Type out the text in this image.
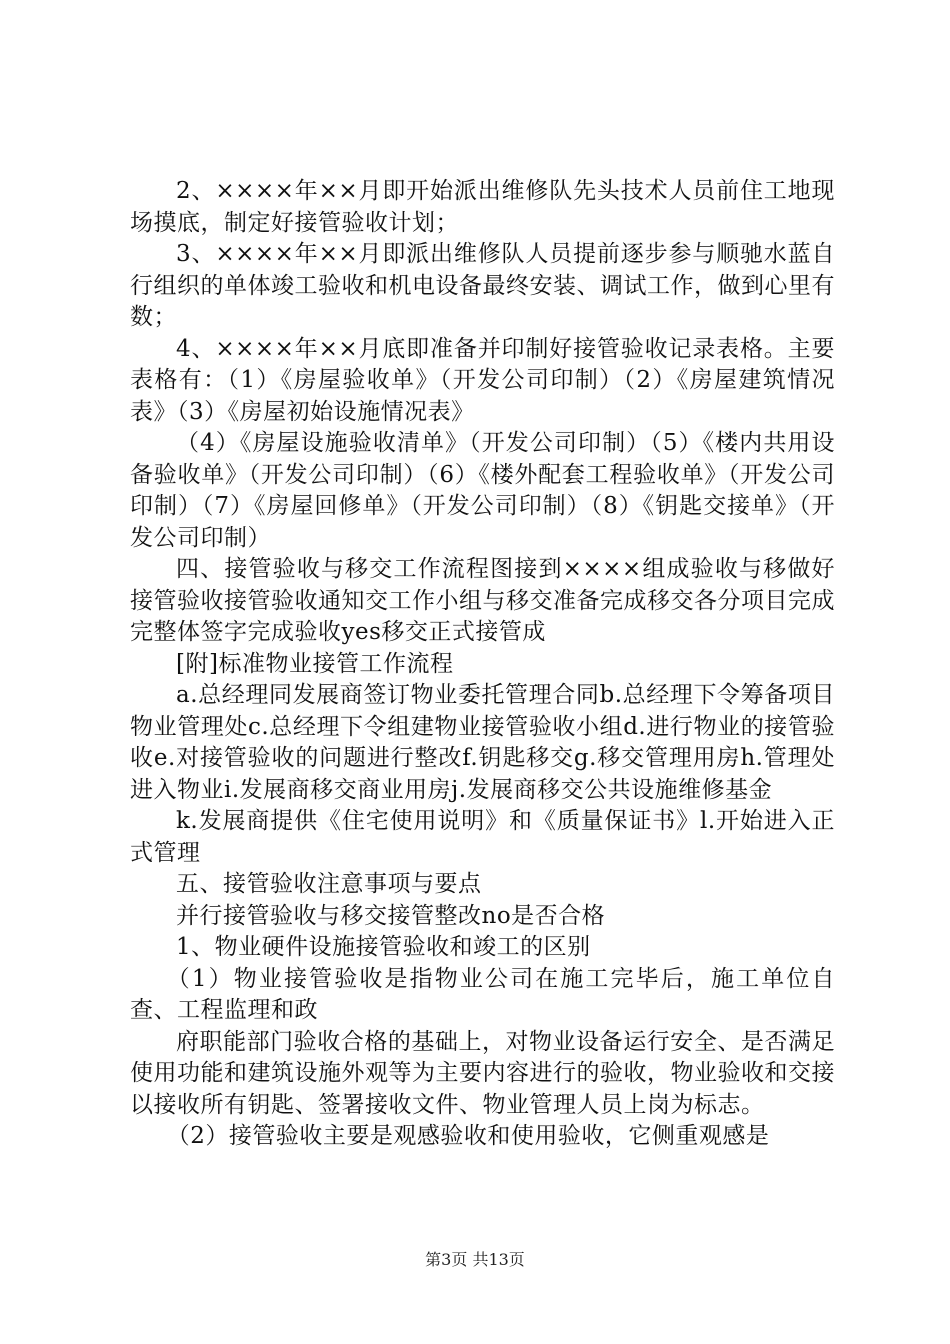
2、××××年××月即开始派出维修队先头技术人员前住工地现场摸底，制定好接管验收计划；

3、××××年××月即派出维修队人员提前逐步参与顺驰水蓝自行组织的单体竣工验收和机电设备最终安装、调试工作，做到心里有数；

4、××××年××月底即准备并印制好接管验收记录表格。主要表格有：（1）《房屋验收单》（开发公司印制）（2）《房屋建筑情况表》（3）《房屋初始设施情况表》

（4）《房屋设施验收清单》（开发公司印制）（5）《楼内共用设备验收单》（开发公司印制）（6）《楼外配套工程验收单》（开发公司印制）（7）《房屋回修单》（开发公司印制）（8）《钥匙交接单》（开发公司印制）

四、接管验收与移交工作流程图接到××××组成验收与移做好接管验收接管验收通知交工作小组与移交准备完成移交各分项目完成完整体签字完成验收yes移交正式接管成

[附]标准物业接管工作流程

a.总经理同发展商签订物业委托管理合同b.总经理下令筹备项目物业管理处c.总经理下令组建物业接管验收小组d.进行物业的接管验收e.对接管验收的问题进行整改f.钥匙移交g.移交管理用房h.管理处进入物业i.发展商移交商业用房j.发展商移交公共设施维修基金

k.发展商提供《住宅使用说明》和《质量保证书》l.开始进入正式管理

五、接管验收注意事项与要点

并行接管验收与移交接管整改no是否合格

1、物业硬件设施接管验收和竣工的区别

（1）物业接管验收是指物业公司在施工完毕后，施工单位自查、工程监理和政

府职能部门验收合格的基础上，对物业设备运行安全、是否满足使用功能和建筑设施外观等为主要内容进行的验收，物业验收和交接以接收所有钥匙、签署接收文件、物业管理人员上岗为标志。

（2）接管验收主要是观感验收和使用验收，它侧重观感是

第3页 共13页
